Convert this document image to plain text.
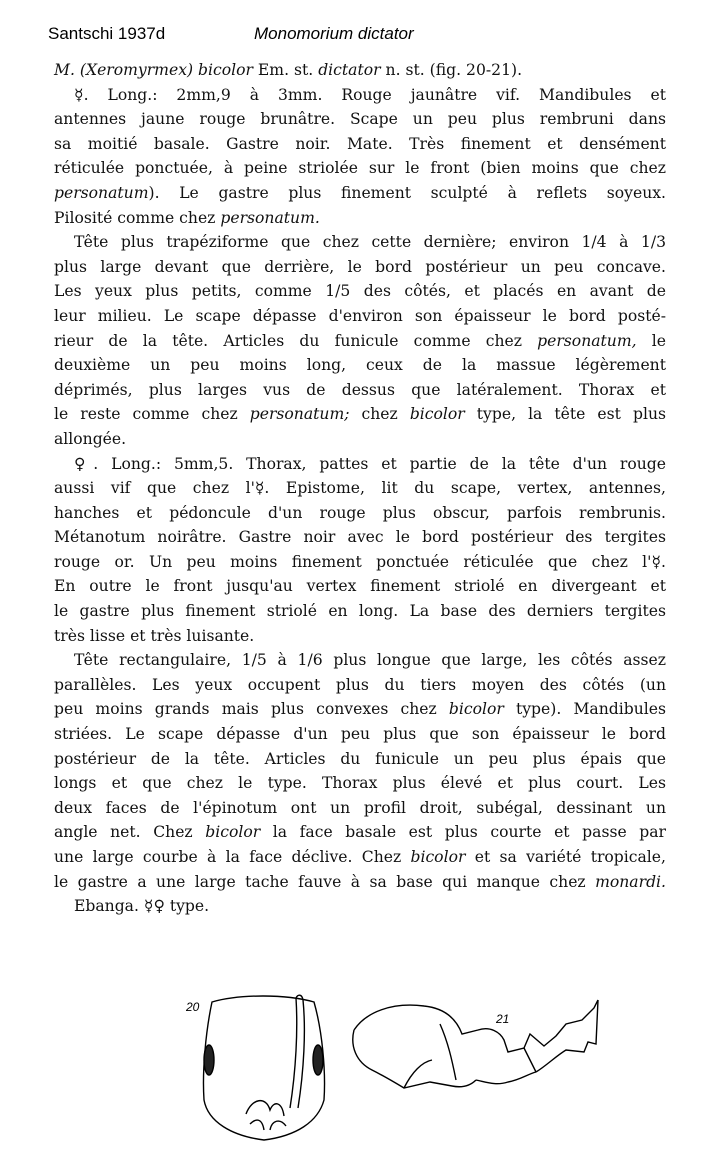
Santschi 1937d	Monomorium dictator
M. (Xeromyrmex) bicolor Em. st. dictator n. st. (fig. 20-21).
☿. Long.: 2mm,9 à 3mm. Rouge jaunâtre vif. Mandibules et
antennes jaune rouge brunâtre. Scape un peu plus rembruni dans
sa moitié basale. Gastre noir. Mate. Très finement et densément
réticulée ponctuée, à peine striolée sur le front (bien moins que chez
personatum). Le gastre plus finement sculpté à reflets soyeux.
Pilosité comme chez personatum.
Tête plus trapéziforme que chez cette dernière; environ 1/4 à 1/3
plus large devant que derrière, le bord postérieur un peu concave.
Les yeux plus petits, comme 1/5 des côtés, et placés en avant de
leur milieu. Le scape dépasse d'environ son épaisseur le bord posté-
rieur de la tête. Articles du funicule comme chez personatum, le
deuxième un peu moins long, ceux de la massue légèrement
déprimés, plus larges vus de dessus que latéralement. Thorax et
le reste comme chez personatum; chez bicolor type, la tête est plus
allongée.
♀. Long.: 5mm,5. Thorax, pattes et partie de la tête d'un rouge
aussi vif que chez l'☿. Epistome, lit du scape, vertex, antennes,
hanches et pédoncule d'un rouge plus obscur, parfois rembrunis.
Métanotum noirâtre. Gastre noir avec le bord postérieur des tergites
rouge or. Un peu moins finement ponctuée réticulée que chez l'☿.
En outre le front jusqu'au vertex finement striolé en divergeant et
le gastre plus finement striolé en long. La base des derniers tergites
très lisse et très luisante.
Tête rectangulaire, 1/5 à 1/6 plus longue que large, les côtés assez
parallèles. Les yeux occupent plus du tiers moyen des côtés (un
peu moins grands mais plus convexes chez bicolor type). Mandibules
striées. Le scape dépasse d'un peu plus que son épaisseur le bord
postérieur de la tête. Articles du funicule un peu plus épais que
longs et que chez le type. Thorax plus élevé et plus court. Les
deux faces de l'épinotum ont un profil droit, subégal, dessinant un
angle net. Chez bicolor la face basale est plus courte et passe par
une large courbe à la face déclive. Chez bicolor et sa variété tropicale,
le gastre a une large tache fauve à sa base qui manque chez monardi.
Ebanga. ☿♀ type.
20
21
